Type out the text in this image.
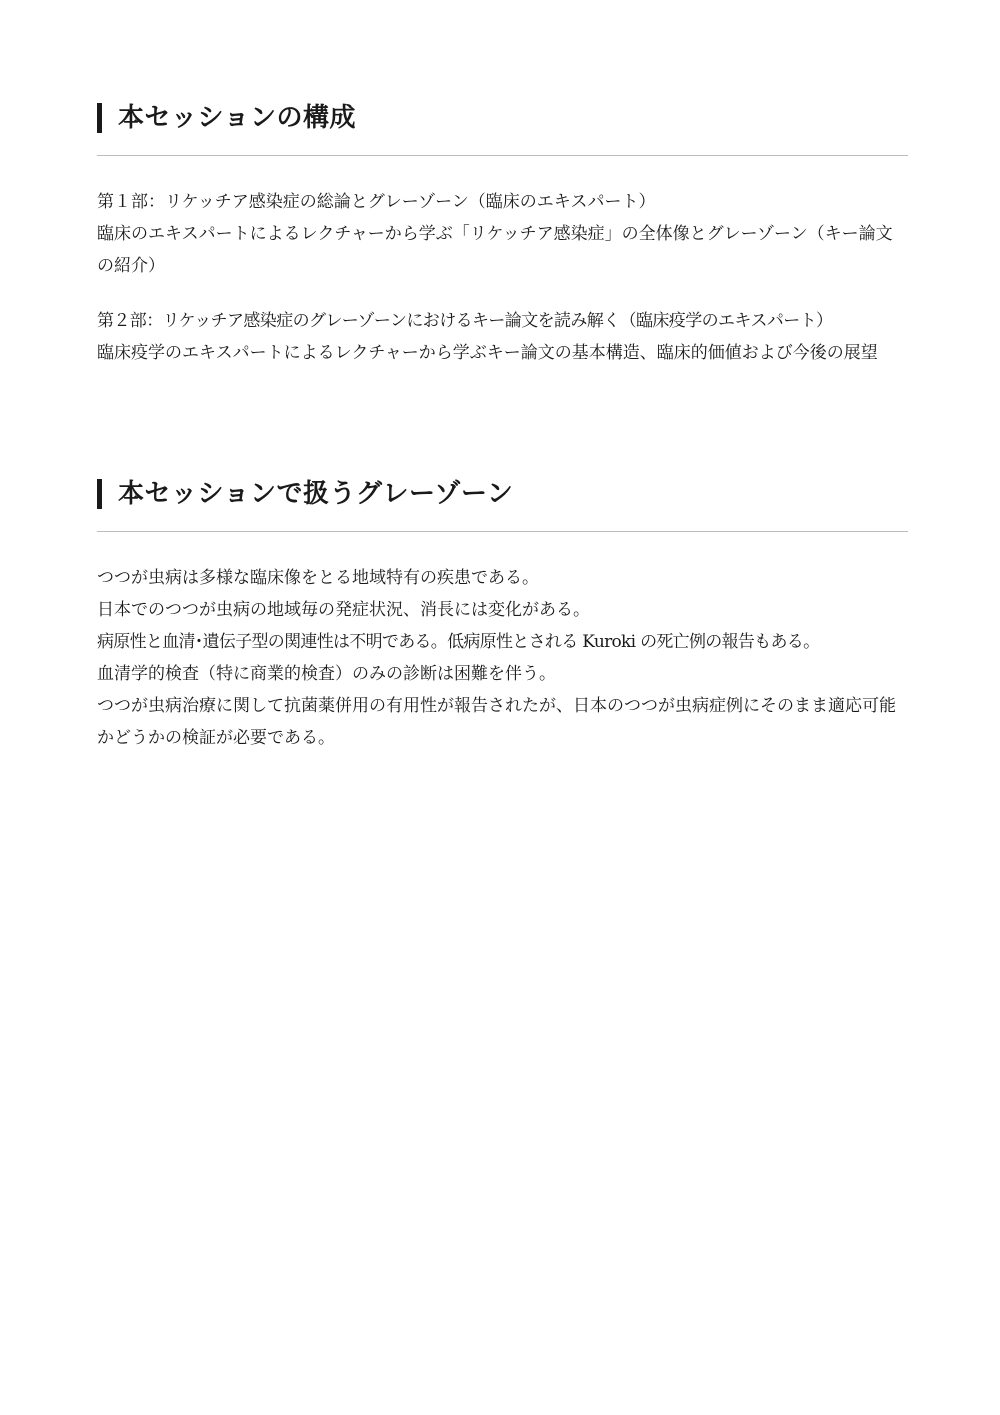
本セッションの構成
第１部：リケッチア感染症の総論とグレーゾーン（臨床のエキスパート）
臨床のエキスパートによるレクチャーから学ぶ「リケッチア感染症」の全体像とグレーゾーン（キー論文の紹介）
第２部：リケッチア感染症のグレーゾーンにおけるキー論文を読み解く（臨床疫学のエキスパート）
臨床疫学のエキスパートによるレクチャーから学ぶキー論文の基本構造、臨床的価値および今後の展望
本セッションで扱うグレーゾーン
つつが虫病は多様な臨床像をとる地域特有の疾患である。
日本でのつつが虫病の地域毎の発症状況、消長には変化がある。
病原性と血清･遺伝子型の関連性は不明である。低病原性とされる Kuroki の死亡例の報告もある。
血清学的検査（特に商業的検査）のみの診断は困難を伴う。
つつが虫病治療に関して抗菌薬併用の有用性が報告されたが、日本のつつが虫病症例にそのまま適応可能かどうかの検証が必要である。
